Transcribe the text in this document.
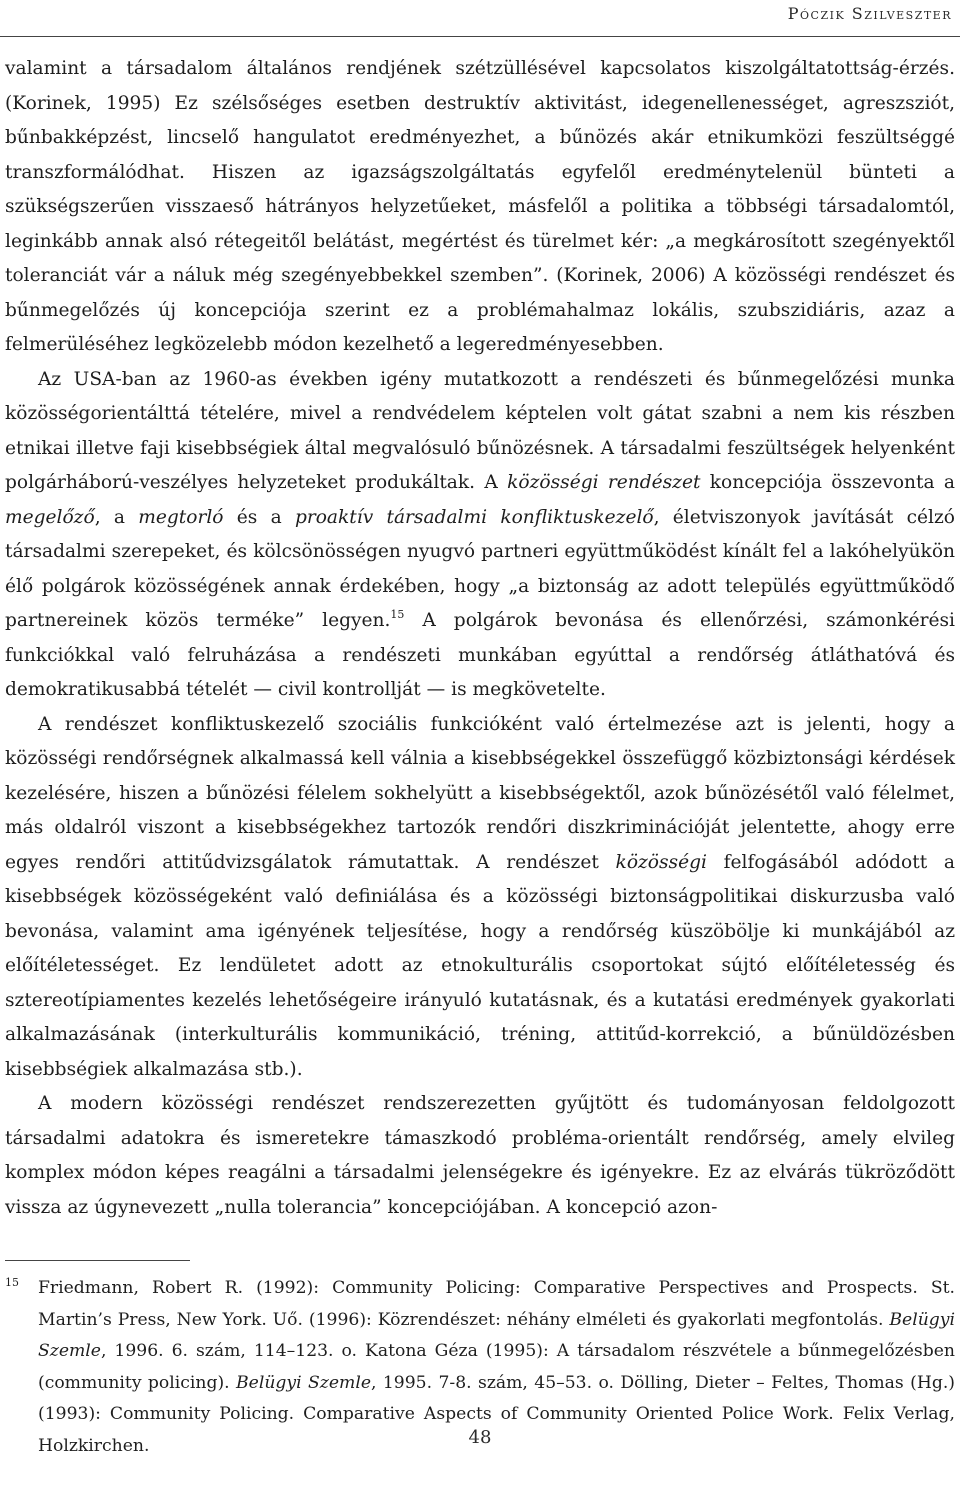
Póczik Szilveszter

valamint a társadalom általános rendjének szétzüllésével kapcsolatos kiszolgáltatottság-érzés. (Korinek, 1995) Ez szélsőséges esetben destruktív aktivitást, idegenellenességet, agreszsziót, bűnbakképzést, lincselő hangulatot eredményezhet, a bűnözés akár etnikumközi feszültséggé transzformálódhat. Hiszen az igazságszolgáltatás egyfelől eredménytelenül bünteti a szükségszerűen visszaeső hátrányos helyzetűeket, másfelől a politika a többségi társadalomtól, leginkább annak alsó rétegeitől belátást, megértést és türelmet kér: „a megkárosított szegényektől toleranciát vár a náluk még szegényebbekkel szemben”. (Korinek, 2006) A közösségi rendészet és bűnmegelőzés új koncepciója szerint ez a problémahalmaz lokális, szubszidiáris, azaz a felmerüléséhez legközelebb módon kezelhető a legeredményesebben.

Az USA-ban az 1960-as években igény mutatkozott a rendészeti és bűnmegelőzési munka közösségorientálttá tételére, mivel a rendvédelem képtelen volt gátat szabni a nem kis részben etnikai illetve faji kisebbségiek által megvalósuló bűnözésnek. A társadalmi feszültségek helyenként polgárháború-veszélyes helyzeteket produkáltak. A közösségi rendészet koncepciója összevonta a megelőző, a megtorló és a proaktív társadalmi konfliktuskezelő, életviszonyok javítását célzó társadalmi szerepeket, és kölcsönösségen nyugvó partneri együttműködést kínált fel a lakóhelyükön élő polgárok közösségének annak érdekében, hogy „a biztonság az adott település együttműködő partnereinek közös terméke” legyen.$^{15}$ A polgárok bevonása és ellenőrzési, számonkérési funkciókkal való felruházása a rendészeti munkában egyúttal a rendőrség átláthatóvá és demokratikusabbá tételét — civil kontrollját — is megkövetelte.

A rendészet konfliktuskezelő szociális funkcióként való értelmezése azt is jelenti, hogy a közösségi rendőrségnek alkalmassá kell válnia a kisebbségekkel összefüggő közbiztonsági kérdések kezelésére, hiszen a bűnözési félelem sokhelyütt a kisebbségektől, azok bűnözésétől való félelmet, más oldalról viszont a kisebbségekhez tartozók rendőri diszkriminációját jelentette, ahogy erre egyes rendőri attitűdvizsgálatok rámutattak. A rendészet közösségi felfogásából adódott a kisebbségek közösségeként való definiálása és a közösségi biztonságpolitikai diskurzusba való bevonása, valamint ama igényének teljesítése, hogy a rendőrség küszöbölje ki munkájából az előítéletességet. Ez lendületet adott az etnokulturális csoportokat sújtó előítéletesség és sztereotípiamentes kezelés lehetőségeire irányuló kutatásnak, és a kutatási eredmények gyakorlati alkalmazásának (interkulturális kommunikáció, tréning, attitűd-korrekció, a bűnüldözésben kisebbségiek alkalmazása stb.).

A modern közösségi rendészet rendszerezetten gyűjtött és tudományosan feldolgozott társadalmi adatokra és ismeretekre támaszkodó probléma-orientált rendőrség, amely elvileg komplex módon képes reagálni a társadalmi jelenségekre és igényekre. Ez az elvárás tükröződött vissza az úgynevezett „nulla tolerancia” koncepciójában. A koncepció azon-

15 Friedmann, Robert R. (1992): Community Policing: Comparative Perspectives and Prospects. St. Martin’s Press, New York. Uő. (1996): Közrendészet: néhány elméleti és gyakorlati megfontolás. Belügyi Szemle, 1996. 6. szám, 114–123. o. Katona Géza (1995): A társadalom részvétele a bűnmegelőzésben (community policing). Belügyi Szemle, 1995. 7-8. szám, 45–53. o. Dölling, Dieter – Feltes, Thomas (Hg.) (1993): Community Policing. Comparative Aspects of Community Oriented Police Work. Felix Verlag, Holzkirchen.	48
